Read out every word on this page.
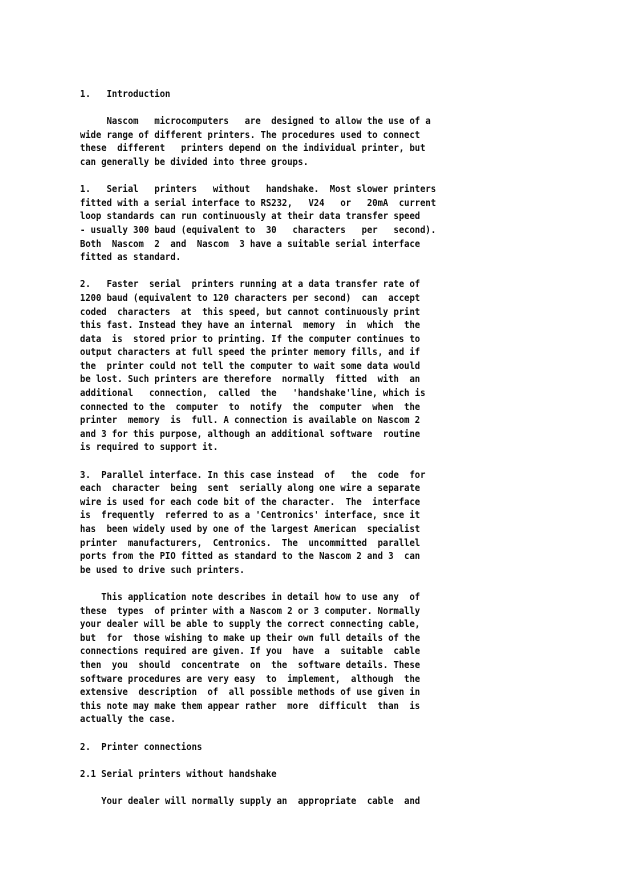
1.   Introduction
Nascom   microcomputers   are  designed to allow the use of a
wide range of different printers. The procedures used to connect
these  different   printers depend on the individual printer, but
can generally be divided into three groups.
1.   Serial   printers   without   handshake.  Most slower printers
fitted with a serial interface to RS232,   V24   or   20mA  current
loop standards can run continuously at their data transfer speed
- usually 300 baud (equivalent to  30   characters   per   second).
Both  Nascom  2  and  Nascom  3 have a suitable serial interface
fitted as standard.
2.   Faster  serial  printers running at a data transfer rate of
1200 baud (equivalent to 120 characters per second)  can  accept
coded  characters  at  this speed, but cannot continuously print
this fast. Instead they have an internal  memory  in  which  the
data  is  stored prior to printing. If the computer continues to
output characters at full speed the printer memory fills, and if
the  printer could not tell the computer to wait some data would
be lost. Such printers are therefore  normally  fitted  with  an
additional   connection,  called  the   'handshake'line, which is
connected to the  computer  to  notify  the  computer  when  the
printer  memory  is  full. A connection is available on Nascom 2
and 3 for this purpose, although an additional software  routine
is required to support it.
3.  Parallel interface. In this case instead  of   the  code  for
each  character  being  sent  serially along one wire a separate
wire is used for each code bit of the character.  The  interface
is  frequently  referred to as a 'Centronics' interface, snce it
has  been widely used by one of the largest American  specialist
printer  manufacturers,  Centronics.  The  uncommitted  parallel
ports from the PIO fitted as standard to the Nascom 2 and 3  can
be used to drive such printers.
This application note describes in detail how to use any  of
these  types  of printer with a Nascom 2 or 3 computer. Normally
your dealer will be able to supply the correct connecting cable,
but  for  those wishing to make up their own full details of the
connections required are given. If you  have  a  suitable  cable
then  you  should  concentrate  on  the  software details. These
software procedures are very easy  to  implement,  although  the
extensive  description  of  all possible methods of use given in
this note may make them appear rather  more  difficult  than  is
actually the case.
2.  Printer connections
2.1 Serial printers without handshake
Your dealer will normally supply an  appropriate  cable  and
